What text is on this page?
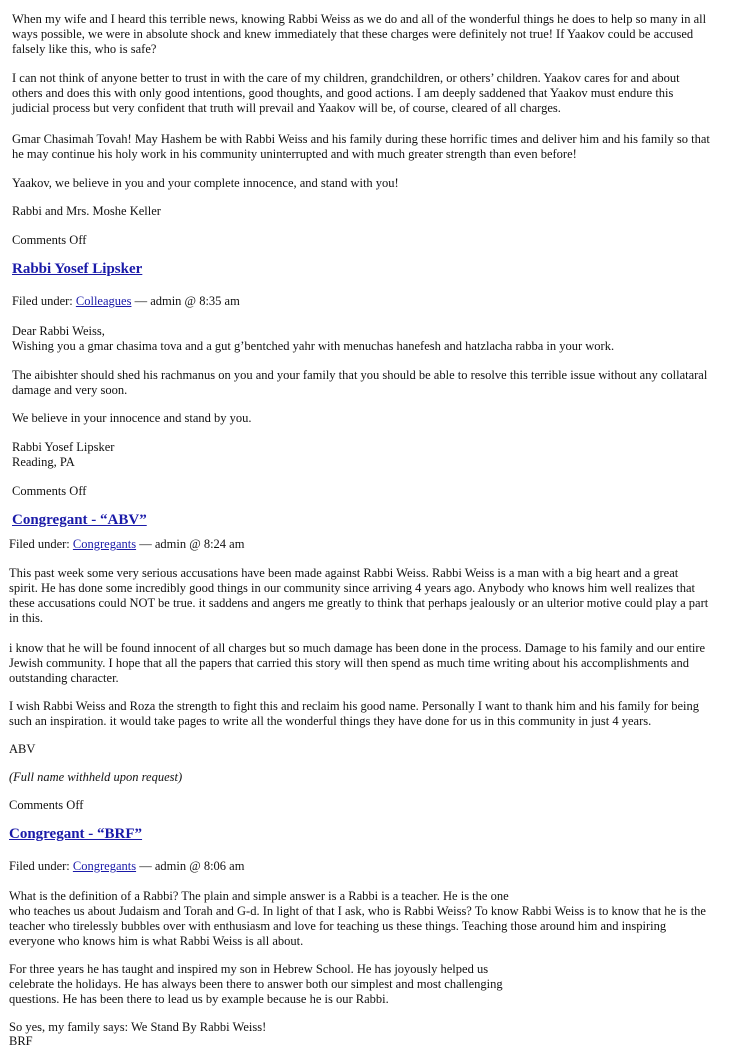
When my wife and I heard this terrible news, knowing Rabbi Weiss as we do and all of the wonderful things he does to help so many in all

ways possible, we were in absolute shock and knew immediately that these charges were definitely not true! If Yaakov could be accused

falsely like this, who is safe?

I can not think of anyone better to trust in with the care of my children, grandchildren, or others’ children. Yaakov cares for and about

others and does this with only good intentions, good thoughts, and good actions. I am deeply saddened that Yaakov must endure this

judicial process but very confident that truth will prevail and Yaakov will be, of course, cleared of all charges.

Gmar Chasimah Tovah! May Hashem be with Rabbi Weiss and his family during these horrific times and deliver him and his family so that

he may continue his holy work in his community uninterrupted and with much greater strength than even before!

Yaakov, we believe in you and your complete innocence, and stand with you!

Rabbi and Mrs. Moshe Keller

Comments Off

Rabbi Yosef Lipsker

Filed under: Colleagues — admin @ 8:35 am

Dear Rabbi Weiss,

Wishing you a gmar chasima tova and a gut g’bentched yahr with menuchas hanefesh and hatzlacha rabba in your work.

The aibishter should shed his rachmanus on you and your family that you should be able to resolve this terrible issue without any collataral

damage and very soon.

We believe in your innocence and stand by you.

Rabbi Yosef Lipsker

Reading, PA

Comments Off

Congregant - “ABV”

Filed under: Congregants — admin @ 8:24 am

This past week some very serious accusations have been made against Rabbi Weiss. Rabbi Weiss is a man with a big heart and a great

spirit. He has done some incredibly good things in our community since arriving 4 years ago. Anybody who knows him well realizes that

these accusations could NOT be true. it saddens and angers me greatly to think that perhaps jealously or an ulterior motive could play a part

in this.

i know that he will be found innocent of all charges but so much damage has been done in the process. Damage to his family and our entire

Jewish community. I hope that all the papers that carried this story will then spend as much time writing about his accomplishments and

outstanding character.

I wish Rabbi Weiss and Roza the strength to fight this and reclaim his good name. Personally I want to thank him and his family for being

such an inspiration. it would take pages to write all the wonderful things they have done for us in this community in just 4 years.

ABV

(Full name withheld upon request)

Comments Off

Congregant - “BRF”

Filed under: Congregants — admin @ 8:06 am

What is the definition of a Rabbi? The plain and simple answer is a Rabbi is a teacher. He is the one

who teaches us about Judaism and Torah and G-d. In light of that I ask, who is Rabbi Weiss? To know Rabbi Weiss is to know that he is the

teacher who tirelessly bubbles over with enthusiasm and love for teaching us these things. Teaching those around him and inspiring

everyone who knows him is what Rabbi Weiss is all about.

For three years he has taught and inspired my son in Hebrew School. He has joyously helped us

celebrate the holidays. He has always been there to answer both our simplest and most challenging

questions. He has been there to lead us by example because he is our Rabbi.

So yes, my family says: We Stand By Rabbi Weiss!

BRF
